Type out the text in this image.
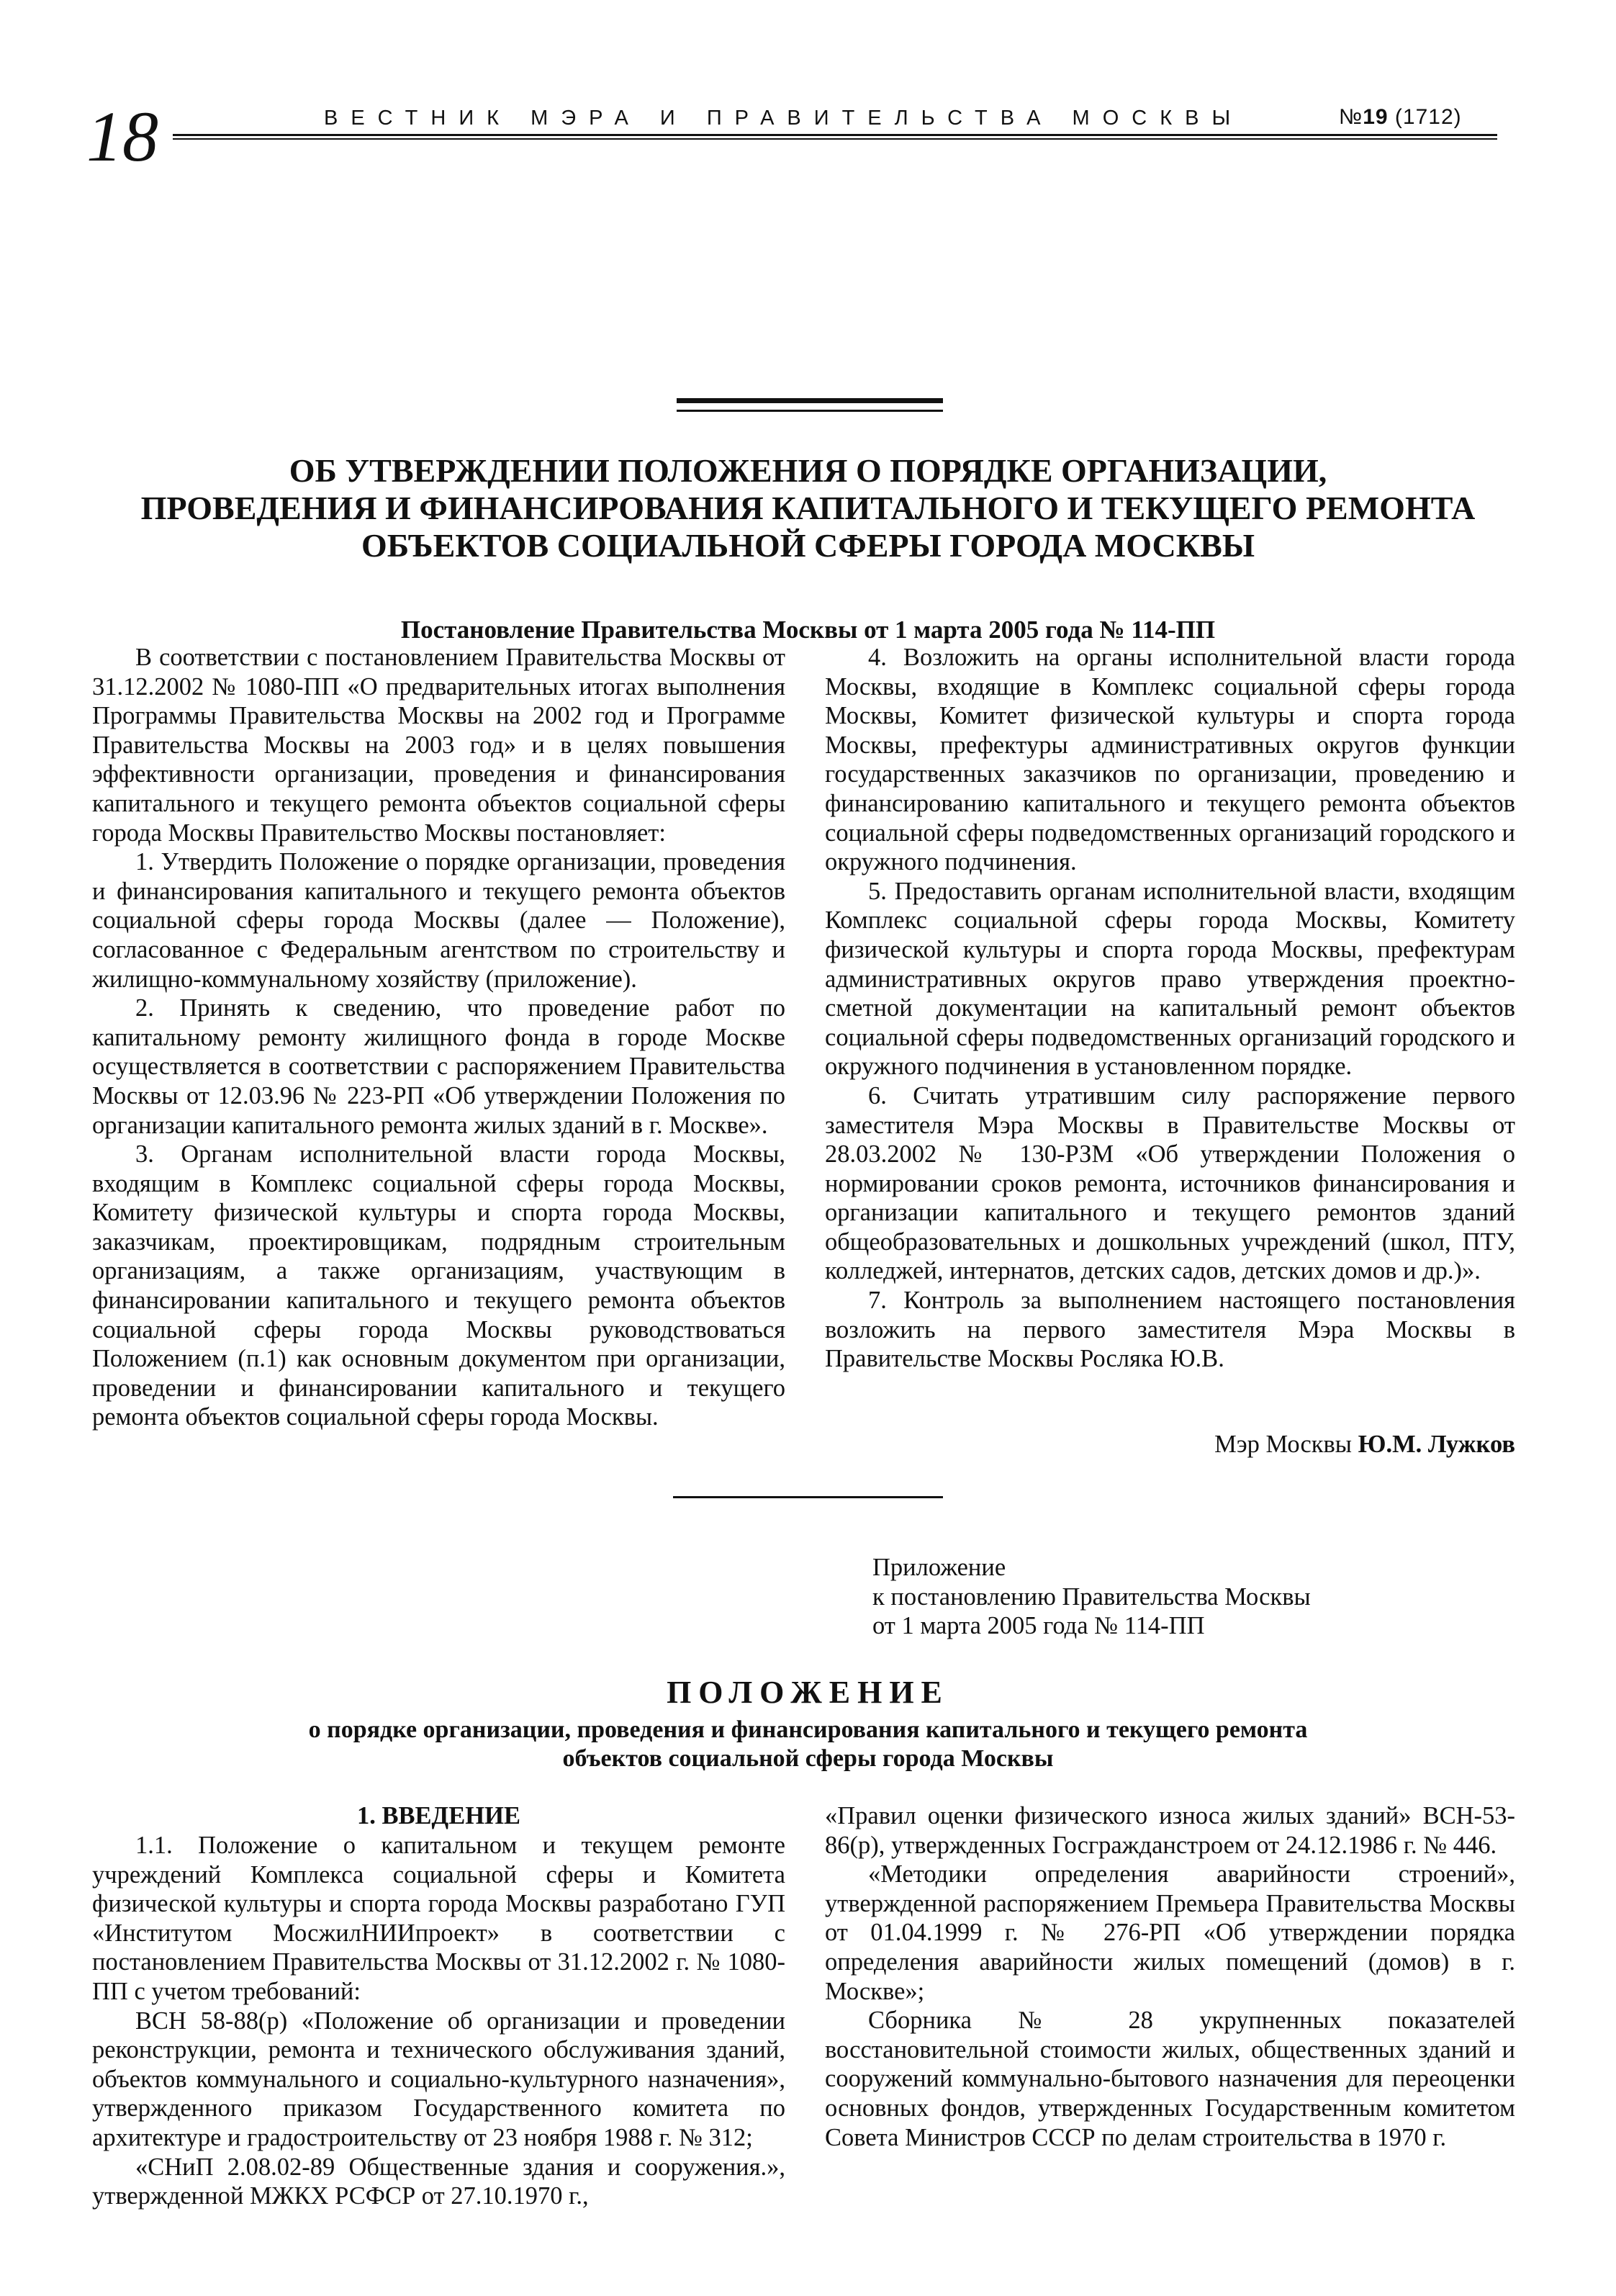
18	ВЕСТНИК МЭРА И ПРАВИТЕЛЬСТВА МОСКВЫ	№19 (1712)
ОБ УТВЕРЖДЕНИИ ПОЛОЖЕНИЯ О ПОРЯДКЕ ОРГАНИЗАЦИИ,
ПРОВЕДЕНИЯ И ФИНАНСИРОВАНИЯ КАПИТАЛЬНОГО И ТЕКУЩЕГО РЕМОНТА
ОБЪЕКТОВ СОЦИАЛЬНОЙ СФЕРЫ ГОРОДА МОСКВЫ
Постановление Правительства Москвы от 1 марта 2005 года № 114-ПП

В соответствии с постановлением Правительства Москвы от 31.12.2002 № 1080-ПП «О предварительных итогах выполнения Программы Правительства Москвы на 2002 год и Программе Правительства Москвы на 2003 год» и в целях повышения эффективности организации, проведения и финансирования капитального и текущего ремонта объектов социальной сферы города Москвы Правительство Москвы постановляет:

1. Утвердить Положение о порядке организации, проведения и финансирования капитального и текущего ремонта объектов социальной сферы города Москвы (далее — Положение), согласованное с Федеральным агентством по строительству и жилищно-коммунальному хозяйству (приложение).

2. Принять к сведению, что проведение работ по капитальному ремонту жилищного фонда в городе Москве осуществляется в соответствии с распоряжением Правительства Москвы от 12.03.96 № 223-РП «Об утверждении Положения по организации капитального ремонта жилых зданий в г. Москве».

3. Органам исполнительной власти города Москвы, входящим в Комплекс социальной сферы города Москвы, Комитету физической культуры и спорта города Москвы, заказчикам, проектировщикам, подрядным строительным организациям, а также организациям, участвующим в финансировании капитального и текущего ремонта объектов социальной сферы города Москвы руководствоваться Положением (п.1) как основным документом при организации, проведении и финансировании капитального и текущего ремонта объектов социальной сферы города Москвы.

4. Возложить на органы исполнительной власти города Москвы, входящие в Комплекс социальной сферы города Москвы, Комитет физической культуры и спорта города Москвы, префектуры административных округов функции государственных заказчиков по организации, проведению и финансированию капитального и текущего ремонта объектов социальной сферы подведомственных организаций городского и окружного подчинения.

5. Предоставить органам исполнительной власти, входящим Комплекс социальной сферы города Москвы, Комитету физической культуры и спорта города Москвы, префектурам административных округов право утверждения проектно-сметной документации на капитальный ремонт объектов социальной сферы подведомственных организаций городского и окружного подчинения в установленном порядке.

6. Считать утратившим силу распоряжение первого заместителя Мэра Москвы в Правительстве Москвы от 28.03.2002 № 130-РЗМ «Об утверждении Положения о нормировании сроков ремонта, источников финансирования и организации капитального и текущего ремонтов зданий общеобразовательных и дошкольных учреждений (школ, ПТУ, колледжей, интернатов, детских садов, детских домов и др.)».

7. Контроль за выполнением настоящего постановления возложить на первого заместителя Мэра Москвы в Правительстве Москвы Росляка Ю.В.

Мэр Москвы Ю.М. Лужков
Приложение
к постановлению Правительства Москвы
от 1 марта 2005 года № 114-ПП
ПОЛОЖЕНИЕ
о порядке организации, проведения и финансирования капитального и текущего ремонта
объектов социальной сферы города Москвы
1. ВВЕДЕНИЕ

1.1. Положение о капитальном и текущем ремонте учреждений Комплекса социальной сферы и Комитета физической культуры и спорта города Москвы разработано ГУП «Институтом МосжилНИИпроект» в соответствии с постановлением Правительства Москвы от 31.12.2002 г. № 1080-ПП с учетом требований:

ВСН 58-88(р) «Положение об организации и проведении реконструкции, ремонта и технического обслуживания зданий, объектов коммунального и социально-культурного назначения», утвержденного приказом Государственного комитета по архитектуре и градостроительству от 23 ноября 1988 г. № 312;

«СНиП 2.08.02-89 Общественные здания и сооружения.», утвержденной МЖКХ РСФСР от 27.10.1970 г.,

«Правил оценки физического износа жилых зданий» ВСН-53-86(р), утвержденных Госгражданстроем от 24.12.1986 г. № 446.

«Методики определения аварийности строений», утвержденной распоряжением Премьера Правительства Москвы от 01.04.1999 г. № 276-РП «Об утверждении порядка определения аварийности жилых помещений (домов) в г. Москве»;

Сборника № 28 укрупненных показателей восстановительной стоимости жилых, общественных зданий и сооружений коммунально-бытового назначения для переоценки основных фондов, утвержденных Государственным комитетом Совета Министров СССР по делам строительства в 1970 г.
